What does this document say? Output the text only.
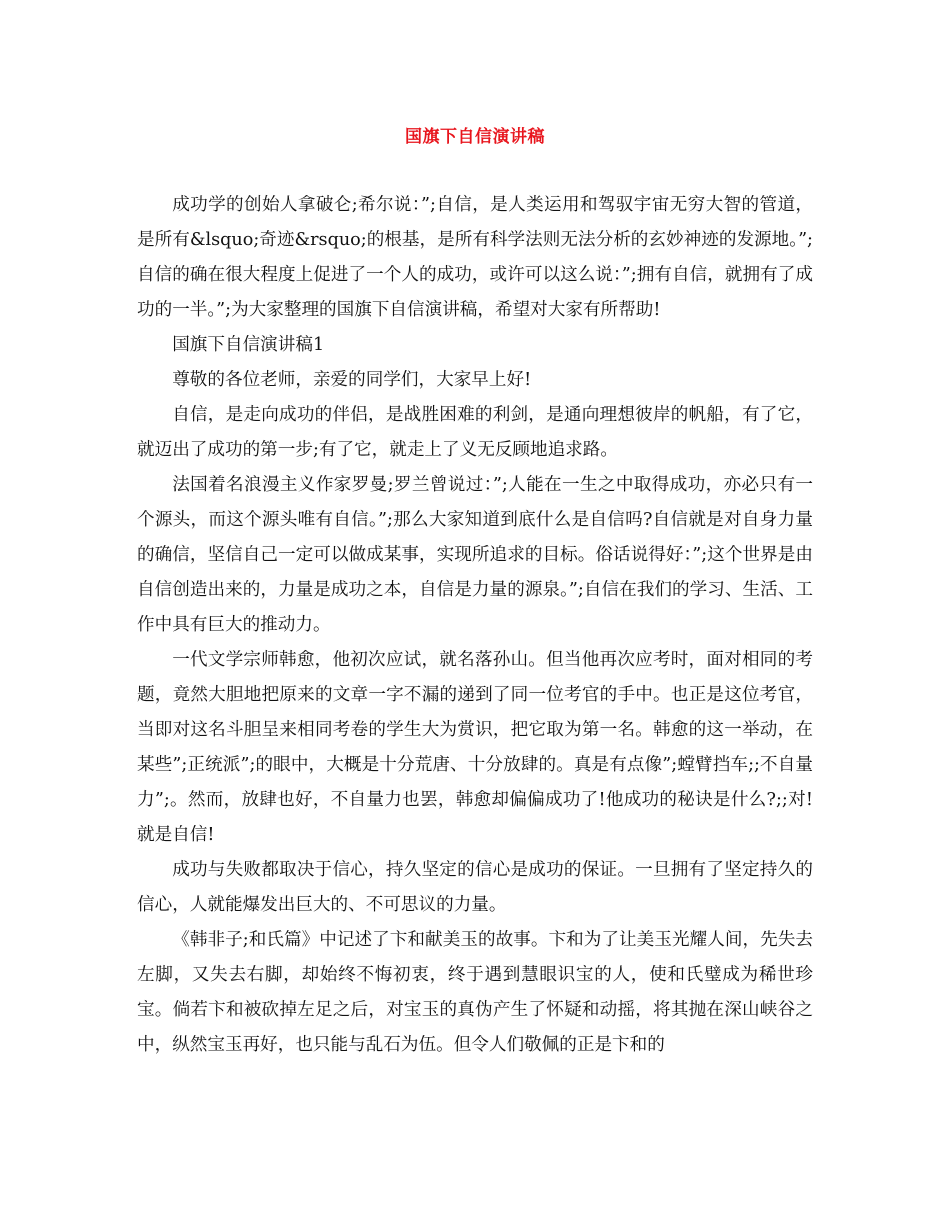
国旗下自信演讲稿

成功学的创始人拿破仑;希尔说：”;自信，是人类运用和驾驭宇宙无穷大智的管道，是所有&lsquo;奇迹&rsquo;的根基，是所有科学法则无法分析的玄妙神迹的发源地。”;自信的确在很大程度上促进了一个人的成功，或许可以这么说：”;拥有自信，就拥有了成功的一半。”;为大家整理的国旗下自信演讲稿，希望对大家有所帮助!

国旗下自信演讲稿1

尊敬的各位老师，亲爱的同学们，大家早上好!

自信，是走向成功的伴侣，是战胜困难的利剑，是通向理想彼岸的帆船，有了它，就迈出了成功的第一步;有了它，就走上了义无反顾地追求路。

法国着名浪漫主义作家罗曼;罗兰曾说过：”;人能在一生之中取得成功，亦必只有一个源头，而这个源头唯有自信。”;那么大家知道到底什么是自信吗?自信就是对自身力量的确信，坚信自己一定可以做成某事，实现所追求的目标。俗话说得好：”;这个世界是由自信创造出来的，力量是成功之本，自信是力量的源泉。”;自信在我们的学习、生活、工作中具有巨大的推动力。

一代文学宗师韩愈，他初次应试，就名落孙山。但当他再次应考时，面对相同的考题，竟然大胆地把原来的文章一字不漏的递到了同一位考官的手中。也正是这位考官，当即对这名斗胆呈来相同考卷的学生大为赏识，把它取为第一名。韩愈的这一举动，在某些”;正统派”;的眼中，大概是十分荒唐、十分放肆的。真是有点像”;螳臂挡车;;不自量力”;。然而，放肆也好，不自量力也罢，韩愈却偏偏成功了!他成功的秘诀是什么?;;对!就是自信!

成功与失败都取决于信心，持久坚定的信心是成功的保证。一旦拥有了坚定持久的信心，人就能爆发出巨大的、不可思议的力量。

《韩非子;和氏篇》中记述了卞和献美玉的故事。卞和为了让美玉光耀人间，先失去左脚，又失去右脚，却始终不悔初衷，终于遇到慧眼识宝的人，使和氏璧成为稀世珍宝。倘若卞和被砍掉左足之后，对宝玉的真伪产生了怀疑和动摇，将其抛在深山峡谷之中，纵然宝玉再好，也只能与乱石为伍。但令人们敬佩的正是卞和的
